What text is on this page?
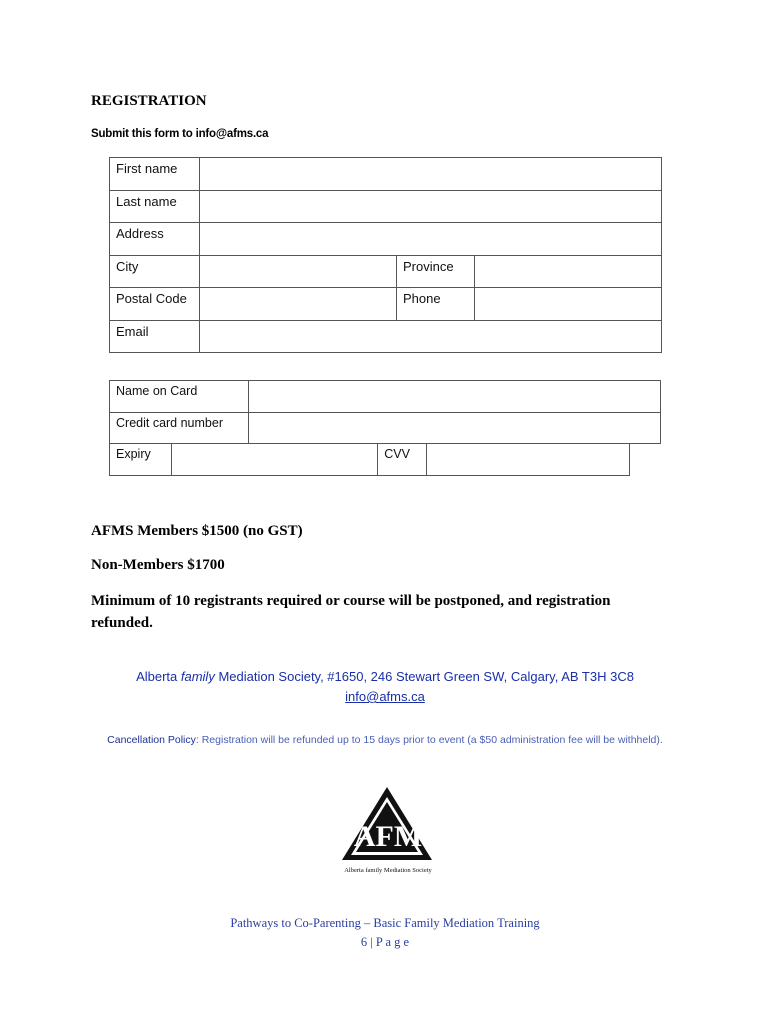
REGISTRATION
Submit this form to info@afms.ca
First name			
Last name			
Address			
City		Province	
Postal Code		Phone	
Email			
Name on Card					
Credit card number					
Expiry			CVV		
AFMS Members $1500 (no GST)
Non-Members $1700
Minimum of 10 registrants required or course will be postponed, and registration refunded.
Alberta family Mediation Society, #1650, 246 Stewart Green SW, Calgary, AB T3H 3C8
info@afms.ca
Cancellation Policy: Registration will be refunded up to 15 days prior to event (a $50 administration fee will be withheld).
AFM
Alberta family Mediation Society
Pathways to Co-Parenting – Basic Family Mediation Training
6 | P a g e
